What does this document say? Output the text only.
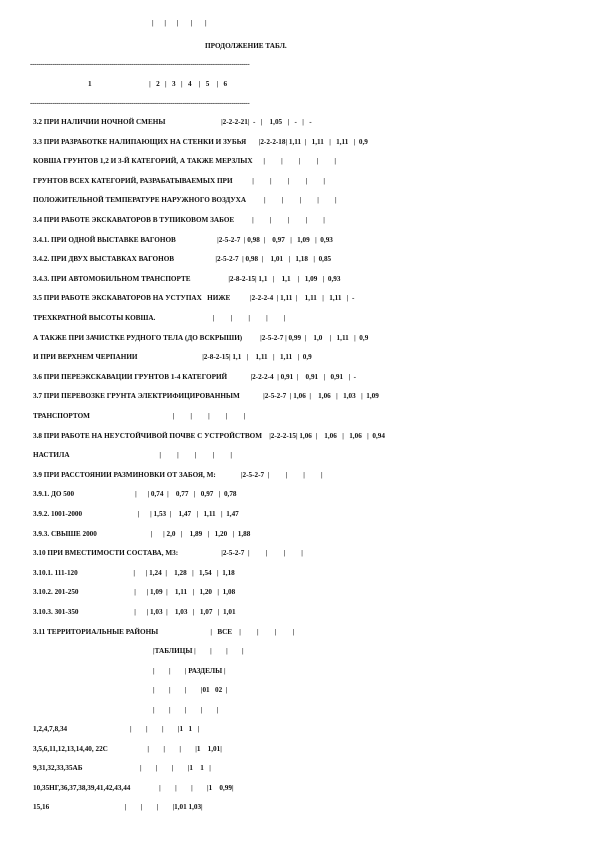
|      |      |       |       |
ПРОДОЛЖЕНИЕ ТАБЛ.
------------------------------------------------------------------------------------------------------------
1                                |   2   |   3   |   4    |   5    |   6
------------------------------------------------------------------------------------------------------------
3.2 ПРИ НАЛИЧИИ НОЧНОЙ СМЕНЫ                               |2-2-2-21|  -   |    1,05   |   -   |   -
3.3 ПРИ РАЗРАБОТКЕ НАЛИПАЮЩИХ НА СТЕНКИ И ЗУБЬЯ       |2-2-2-18| 1,11  |   1,11   |   1,11   |  0,9
КОВША ГРУНТОВ 1,2 И 3-Й КАТЕГОРИЙ, А ТАКЖЕ МЕРЗЛЫХ      |         |         |         |         |
ГРУНТОВ ВСЕХ КАТЕГОРИЙ, РАЗРАБАТЫВАЕМЫХ ПРИ           |         |         |         |         |
ПОЛОЖИТЕЛЬНОЙ ТЕМПЕРАТУРЕ НАРУЖНОГО ВОЗДУХА          |         |         |         |         |
3.4 ПРИ РАБОТЕ ЭКСКАВАТОРОВ В ТУПИКОВОМ ЗАБОЕ          |         |         |         |         |
3.4.1. ПРИ ОДНОЙ ВЫСТАВКЕ ВАГОНОВ                       |2-5-2-7  | 0,98  |    0,97   |   1,09   |  0,93
3.4.2. ПРИ ДВУХ ВЫСТАВКАХ ВАГОНОВ                       |2-5-2-7  | 0,98  |    1,01   |   1,18   |  0,85
3.4.3. ПРИ АВТОМОБИЛЬНОМ ТРАНСПОРТЕ                     |2-8-2-15| 1,1   |    1,1    |   1,09   |  0,93
3.5 ПРИ РАБОТЕ ЭКСКАВАТОРОВ НА УСТУПАХ   НИЖЕ           |2-2-2-4  | 1,11  |    1,11   |   1,11   |  -
ТРЕХКРАТНОЙ ВЫСОТЫ КОВША.                                |         |         |         |         |
А ТАКЖЕ ПРИ ЗАЧИСТКЕ РУДНОГО ТЕЛА (ДО ВСКРЫШИ)          |2-5-2-7 | 0,99  |    1,0    |   1,11   |  0,9
И ПРИ ВЕРХНЕМ ЧЕРПАНИИ                                    |2-8-2-15| 1,1   |    1,11   |   1,11   |  0,9
3.6 ПРИ ПЕРЕЭКСКАВАЦИИ ГРУНТОВ 1-4 КАТЕГОРИЙ             |2-2-2-4  | 0,91  |    0,91   |   0,91   |  -
3.7 ПРИ ПЕРЕВОЗКЕ ГРУНТА ЭЛЕКТРИФИЦИРОВАННЫМ             |2-5-2-7  | 1,06  |    1,06   |   1,03   |  1,09
ТРАНСПОРТОМ                                              |         |         |         |         |
3.8 ПРИ РАБОТЕ НА НЕУСТОЙЧИВОЙ ПОЧВЕ С УСТРОЙСТВОМ    |2-2-2-15| 1,06  |    1,06   |   1,06   |  0,94
НАСТИЛА                                                  |         |         |         |         |
3.9 ПРИ РАССТОЯНИИ РАЗМИНОВКИ ОТ ЗАБОЯ, М:              |2-5-2-7  |         |         |         |
3.9.1. ДО 500                                  |      | 0,74  |    0,77   |   0,97   |  0,78
3.9.2. 1001-2000                               |      | 1,53  |    1,47   |   1,11   |  1,47
3.9.3. СВЫШЕ 2000                              |      | 2,0   |    1,89   |   1,20   |  1,88
3.10 ПРИ ВМЕСТИМОСТИ СОСТАВА, М3:                        |2-5-2-7  |         |         |         |
3.10.1. 111-120                               |      | 1,24  |    1,28   |   1,54   |  1,18
3.10.2. 201-250                               |      | 1,09  |    1,11   |   1,20   |  1,08
3.10.3. 301-350                               |      | 1,03  |    1,03   |   1,07   |  1,01
3.11 ТЕРРИТОРИАЛЬНЫЕ РАЙОНЫ                             |   ВСЕ    |         |         |         |
|ТАБЛИЦЫ |        |        |        |
|        |        | РАЗДЕЛЫ |
|        |        |        |01   02  |
|        |        |        |        |
1,2,4,7,8,34                                   |        |        |        |1   1   |
3,5,6,11,12,13,14,40, 22С                      |        |        |        |1    1,01|
9,31,32,33,35АБ                                |        |        |        |1    1   |
10,35НГ,36,37,38,39,41,42,43,44                |        |        |        |1    0,99|
15,16                                          |        |        |        |1,01 1,03|
